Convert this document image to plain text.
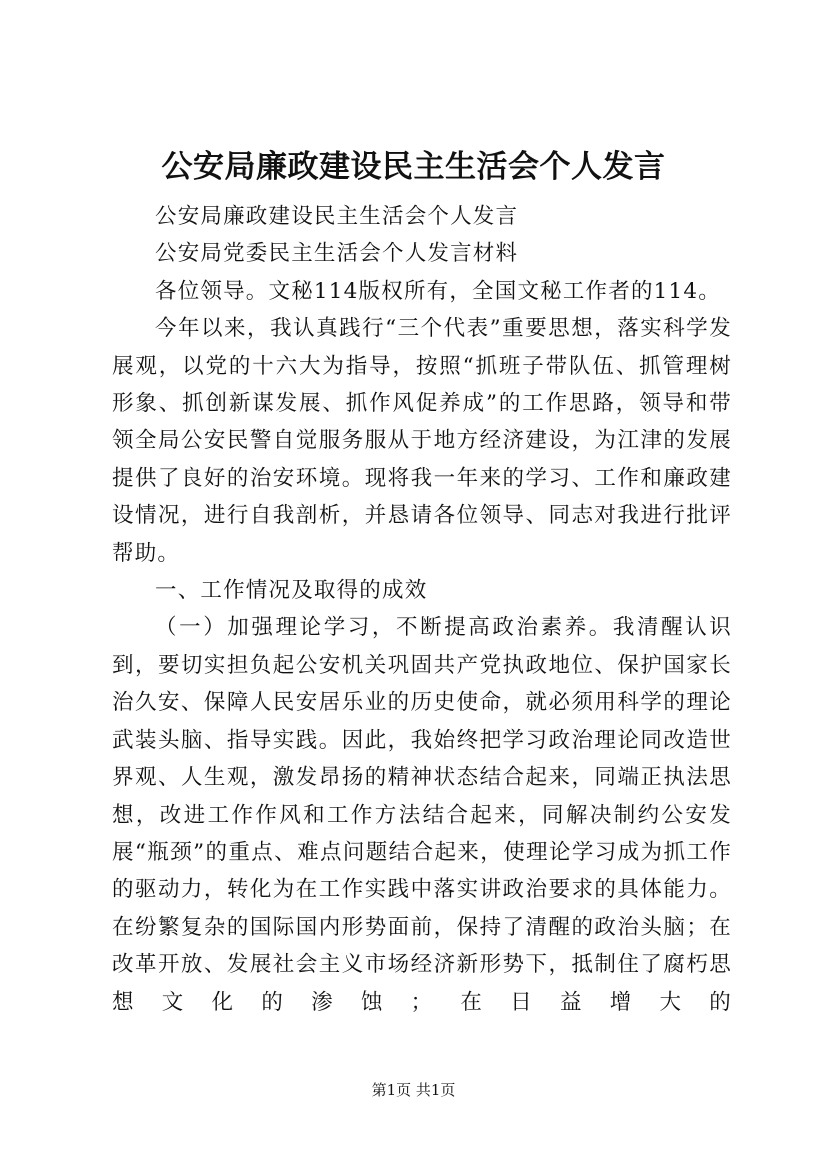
公安局廉政建设民主生活会个人发言

公安局廉政建设民主生活会个人发言

公安局党委民主生活会个人发言材料

各位领导。文秘114版权所有，全国文秘工作者的114。

今年以来，我认真践行“三个代表”重要思想，落实科学发展观，以党的十六大为指导，按照“抓班子带队伍、抓管理树形象、抓创新谋发展、抓作风促养成”的工作思路，领导和带领全局公安民警自觉服务服从于地方经济建设，为江津的发展提供了良好的治安环境。现将我一年来的学习、工作和廉政建设情况，进行自我剖析，并恳请各位领导、同志对我进行批评帮助。

一、工作情况及取得的成效

（一）加强理论学习，不断提高政治素养。我清醒认识到，要切实担负起公安机关巩固共产党执政地位、保护国家长治久安、保障人民安居乐业的历史使命，就必须用科学的理论武装头脑、指导实践。因此，我始终把学习政治理论同改造世界观、人生观，激发昂扬的精神状态结合起来，同端正执法思想，改进工作作风和工作方法结合起来，同解决制约公安发展“瓶颈”的重点、难点问题结合起来，使理论学习成为抓工作的驱动力，转化为在工作实践中落实讲政治要求的具体能力。在纷繁复杂的国际国内形势面前，保持了清醒的政治头脑；在改革开放、发展社会主义市场经济新形势下，抵制住了腐朽思想文化的渗蚀；在日益增大的

第1页 共1页
